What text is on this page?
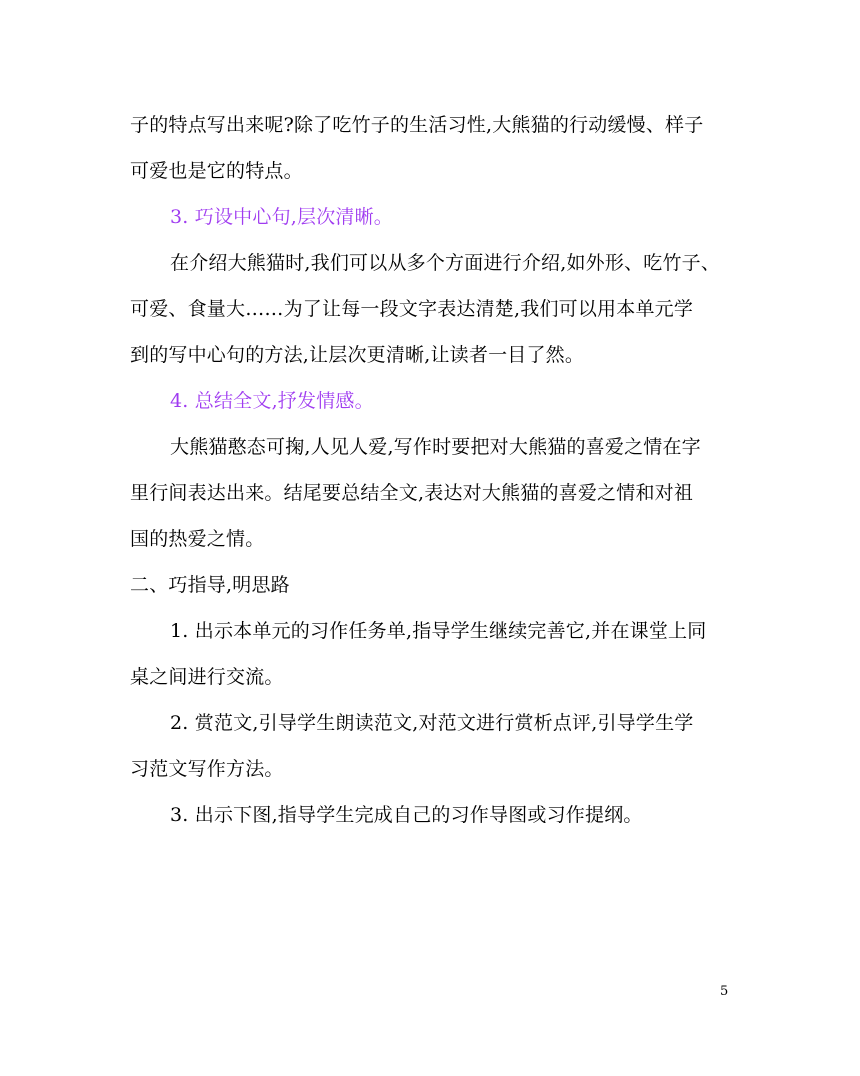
子的特点写出来呢?除了吃竹子的生活习性,大熊猫的行动缓慢、样子
可爱也是它的特点。
3. 巧设中心句,层次清晰。
在介绍大熊猫时,我们可以从多个方面进行介绍,如外形、吃竹子、
可爱、食量大……为了让每一段文字表达清楚,我们可以用本单元学
到的写中心句的方法,让层次更清晰,让读者一目了然。
4. 总结全文,抒发情感。
大熊猫憨态可掬,人见人爱,写作时要把对大熊猫的喜爱之情在字
里行间表达出来。结尾要总结全文,表达对大熊猫的喜爱之情和对祖
国的热爱之情。
二、巧指导,明思路
1. 出示本单元的习作任务单,指导学生继续完善它,并在课堂上同
桌之间进行交流。
2. 赏范文,引导学生朗读范文,对范文进行赏析点评,引导学生学
习范文写作方法。
3. 出示下图,指导学生完成自己的习作导图或习作提纲。
5
